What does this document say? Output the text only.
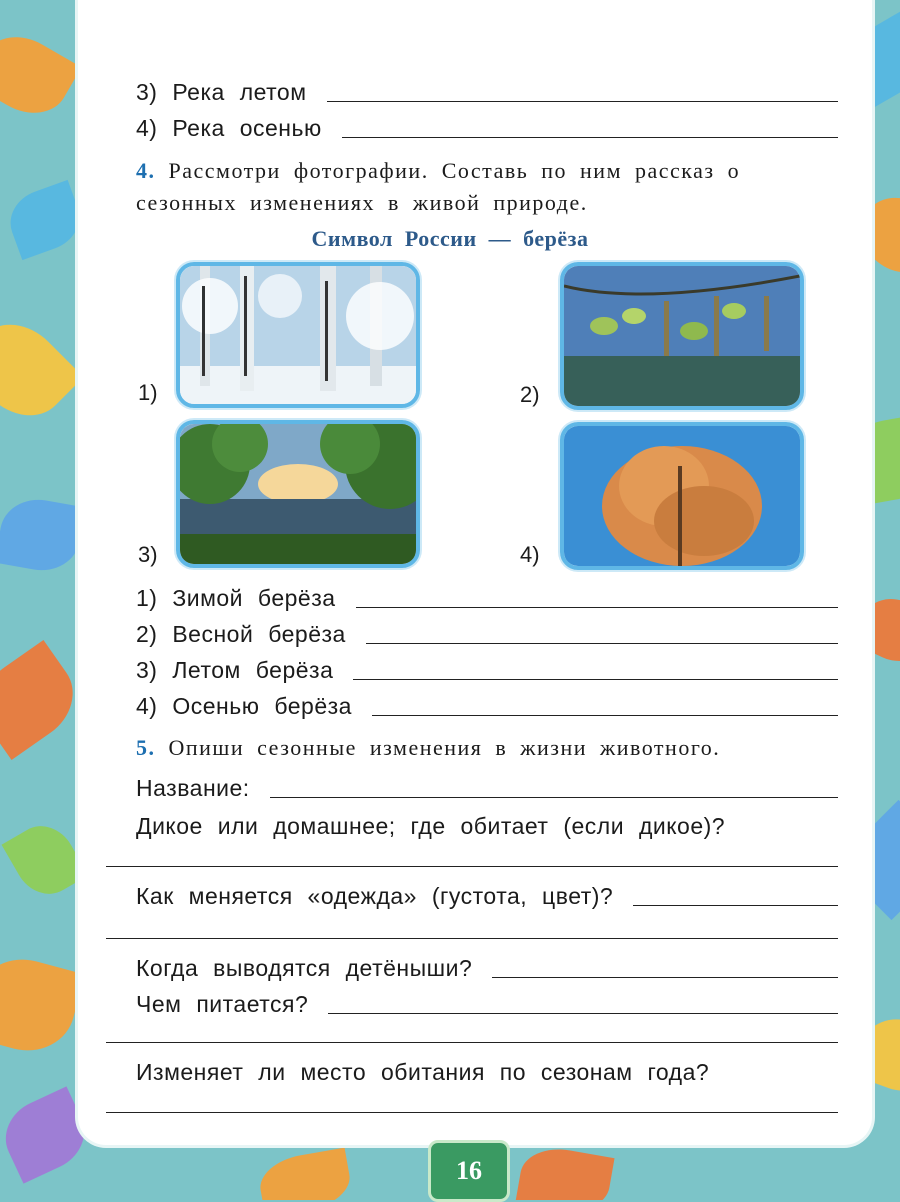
3) Река летом
4) Река осенью
4. Рассмотри фотографии. Составь по ним рассказ о сезонных изменениях в живой природе.
Символ России — берёза
1)	2)
3)	4)
1) Зимой берёза
2) Весной берёза
3) Летом берёза
4) Осенью берёза
5. Опиши сезонные изменения в жизни животного.
Название:
Дикое или домашнее; где обитает (если дикое)?
Как меняется «одежда» (густота, цвет)?
Когда выводятся детёныши?
Чем питается?
Изменяет ли место обитания по сезонам года?
16
